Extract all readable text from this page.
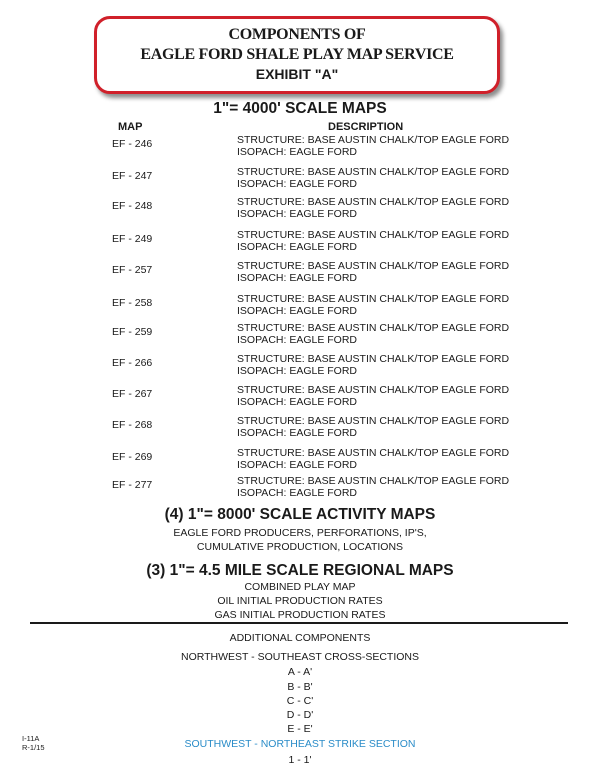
COMPONENTS OF
EAGLE FORD SHALE PLAY MAP SERVICE
EXHIBIT "A"
1"= 4000' SCALE MAPS
MAP	DESCRIPTION
EF - 246	STRUCTURE: BASE AUSTIN CHALK/TOP EAGLE FORD
ISOPACH: EAGLE FORD
EF - 247	STRUCTURE: BASE AUSTIN CHALK/TOP EAGLE FORD
ISOPACH: EAGLE FORD
EF - 248	STRUCTURE: BASE AUSTIN CHALK/TOP EAGLE FORD
ISOPACH: EAGLE FORD
EF - 249	STRUCTURE: BASE AUSTIN CHALK/TOP EAGLE FORD
ISOPACH: EAGLE FORD
EF - 257	STRUCTURE: BASE AUSTIN CHALK/TOP EAGLE FORD
ISOPACH: EAGLE FORD
EF - 258	STRUCTURE: BASE AUSTIN CHALK/TOP EAGLE FORD
ISOPACH: EAGLE FORD
EF - 259	STRUCTURE: BASE AUSTIN CHALK/TOP EAGLE FORD
ISOPACH: EAGLE FORD
EF - 266	STRUCTURE: BASE AUSTIN CHALK/TOP EAGLE FORD
ISOPACH: EAGLE FORD
EF - 267	STRUCTURE: BASE AUSTIN CHALK/TOP EAGLE FORD
ISOPACH: EAGLE FORD
EF - 268	STRUCTURE: BASE AUSTIN CHALK/TOP EAGLE FORD
ISOPACH: EAGLE FORD
EF - 269	STRUCTURE: BASE AUSTIN CHALK/TOP EAGLE FORD
ISOPACH: EAGLE FORD
EF - 277	STRUCTURE: BASE AUSTIN CHALK/TOP EAGLE FORD
ISOPACH: EAGLE FORD
(4) 1"= 8000' SCALE ACTIVITY MAPS
EAGLE FORD PRODUCERS, PERFORATIONS, IP'S,
CUMULATIVE PRODUCTION, LOCATIONS
(3) 1"= 4.5 MILE SCALE REGIONAL MAPS
COMBINED PLAY MAP
OIL INITIAL PRODUCTION RATES
GAS INITIAL PRODUCTION RATES
ADDITIONAL COMPONENTS
NORTHWEST - SOUTHEAST CROSS-SECTIONS
A - A'
B - B'
C - C'
D - D'
E - E'
SOUTHWEST - NORTHEAST STRIKE SECTION
1 - 1'
I-11A
R-1/15
